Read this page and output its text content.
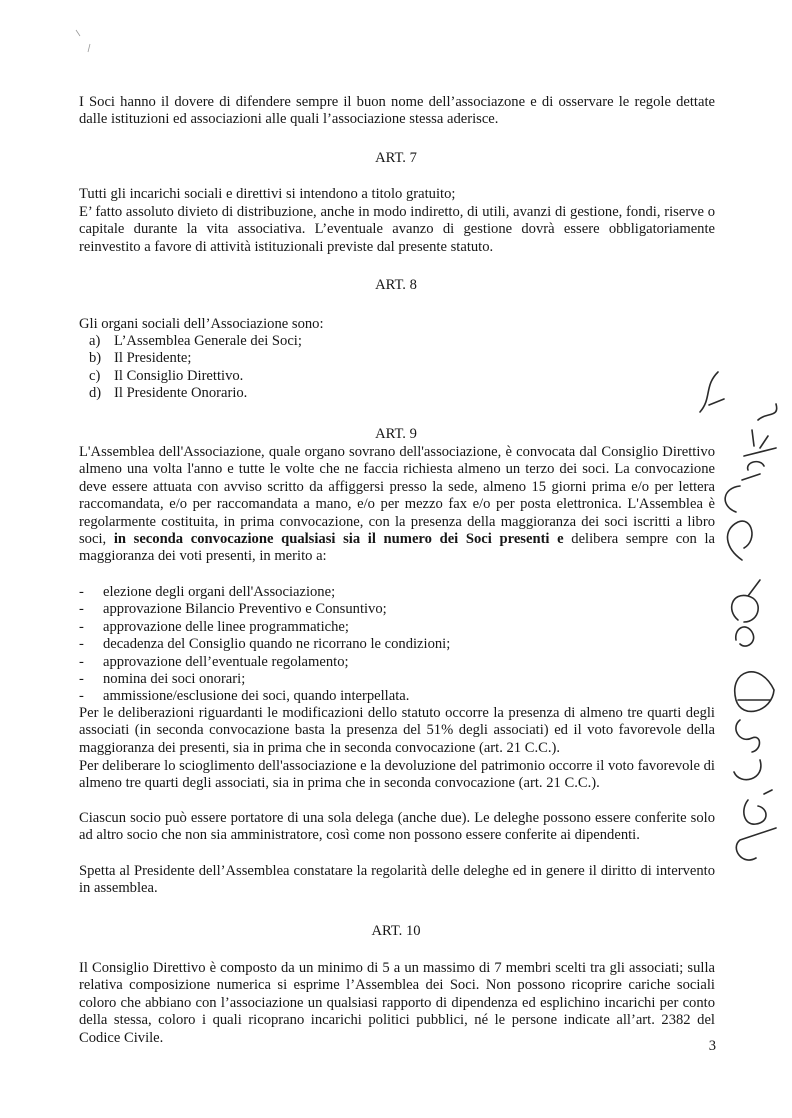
I Soci hanno il dovere di difendere sempre il buon nome dell’associazone e di osservare le regole dettate dalle istituzioni ed associazioni alle quali l’associazione stessa aderisce.
ART. 7
Tutti gli incarichi sociali e direttivi si intendono a titolo gratuito;
E’ fatto assoluto divieto di distribuzione, anche in modo indiretto, di utili, avanzi di gestione, fondi, riserve o capitale durante la vita associativa. L’eventuale avanzo di gestione dovrà essere obbligatoriamente reinvestito a favore di attività istituzionali previste dal presente statuto.
ART. 8
Gli organi sociali dell’Associazione sono:
a) L’Assemblea Generale dei Soci;
b) Il Presidente;
c) Il Consiglio Direttivo.
d) Il Presidente Onorario.
ART. 9
L'Assemblea dell'Associazione, quale organo sovrano dell'associazione, è convocata dal Consiglio Direttivo almeno una volta l'anno e tutte le volte che ne faccia richiesta almeno un terzo dei soci. La convocazione deve essere attuata con avviso scritto da affiggersi presso la sede, almeno 15 giorni prima e/o per lettera raccomandata, e/o per raccomandata a mano, e/o per mezzo fax e/o per posta elettronica. L'Assemblea è regolarmente costituita, in prima convocazione, con la presenza della maggioranza dei soci iscritti a libro soci, in seconda convocazione qualsiasi sia il numero dei Soci presenti e delibera sempre con la maggioranza dei voti presenti, in merito a:
-	elezione degli organi dell'Associazione;
-	approvazione Bilancio Preventivo e Consuntivo;
-	approvazione delle linee programmatiche;
-	decadenza del Consiglio quando ne ricorrano le condizioni;
-	approvazione dell’eventuale regolamento;
-	nomina dei soci onorari;
-	ammissione/esclusione dei soci, quando interpellata.
Per le deliberazioni riguardanti le modificazioni dello statuto occorre la presenza di almeno tre quarti degli associati (in seconda convocazione basta la presenza del 51% degli associati) ed il voto favorevole della maggioranza dei presenti, sia in prima che in seconda convocazione (art. 21 C.C.).
Per deliberare lo scioglimento dell'associazione e la devoluzione del patrimonio occorre il voto favorevole di almeno tre quarti degli associati, sia in prima che in seconda convocazione (art. 21 C.C.).
Ciascun socio può essere portatore di una sola delega (anche due). Le deleghe possono essere conferite solo ad altro socio che non sia amministratore, così come non possono essere conferite ai dipendenti.
Spetta al Presidente dell’Assemblea constatare la regolarità delle deleghe ed in genere il diritto di intervento in assemblea.
ART. 10
Il Consiglio Direttivo è composto da un minimo di 5 a un massimo di 7 membri scelti tra gli associati; sulla relativa composizione numerica si esprime l’Assemblea dei Soci. Non possono ricoprire cariche sociali coloro che abbiano con l’associazione un qualsiasi rapporto di dipendenza ed esplichino incarichi per conto della stessa, coloro i quali ricoprano incarichi politici pubblici, né le persone indicate all’art. 2382 del Codice Civile.
3
